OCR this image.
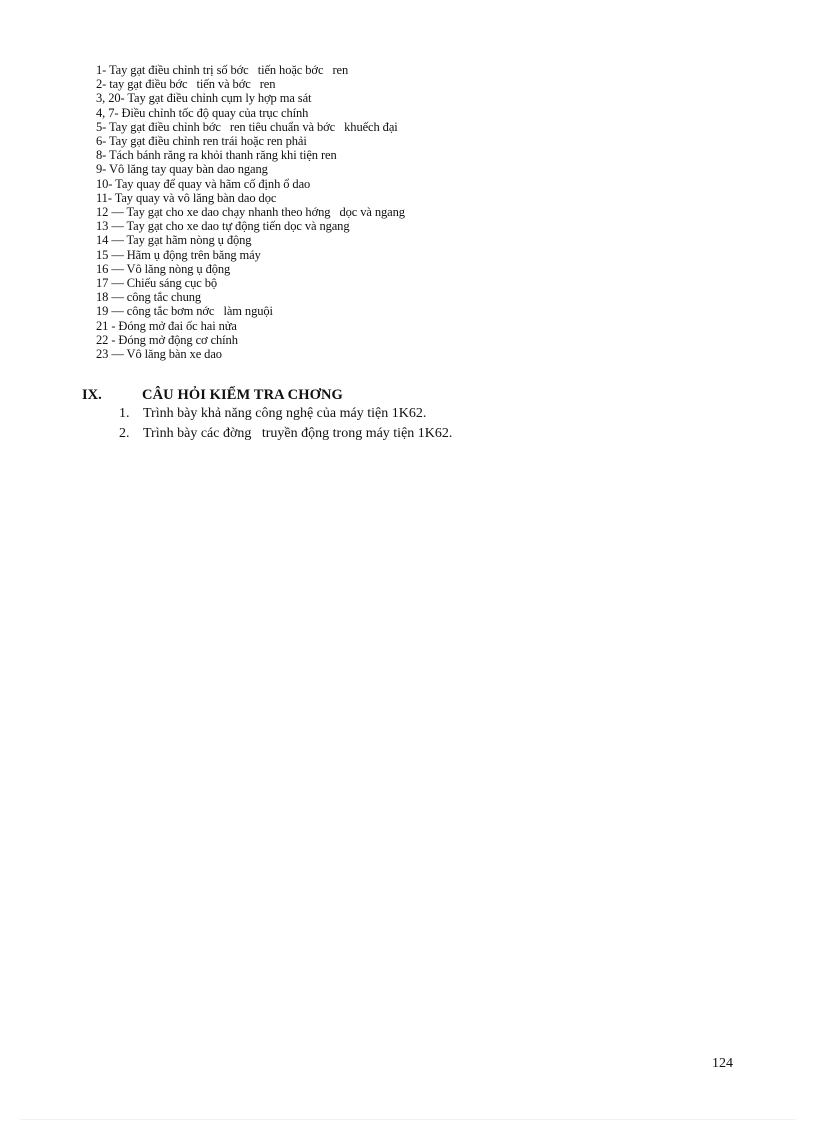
1- Tay gạt điều chỉnh trị số bớc   tiến hoặc bớc   ren
2- tay gạt điều bớc   tiến và bớc   ren
3, 20- Tay gạt điều chỉnh cụm ly hợp ma sát
4, 7- Điều chỉnh tốc độ quay của trục chính
5- Tay gạt điều chỉnh bớc   ren tiêu chuẩn và bớc   khuếch đại
6- Tay gạt điều chỉnh ren trái hoặc ren phải
8- Tách bánh răng ra khỏi thanh răng khi tiện ren
9- Vô lăng tay quay bàn dao ngang
10- Tay quay để quay và hãm cố định ổ dao
11- Tay quay và vô lăng bàn dao dọc
12 — Tay gạt cho xe dao chạy nhanh theo hớng   dọc và ngang
13 — Tay gạt cho xe dao tự động tiến dọc và ngang
14 — Tay gạt hãm nòng ụ động
15 — Hãm ụ động trên băng máy
16 — Vô lăng nòng ụ động
17 — Chiếu sáng cục bộ
18 — công tắc chung
19 — công tắc bơm nớc   làm nguội
21 - Đóng mở đai ốc hai nửa
22 - Đóng mở động cơ chính
23 — Vô lăng bàn xe dao
IX.	CÂU HỎI KIỂM TRA CHƠNG
1. Trình bày khả năng công nghệ của máy tiện 1K62.
2. Trình bày các đờng   truyền động trong máy tiện 1K62.
124
